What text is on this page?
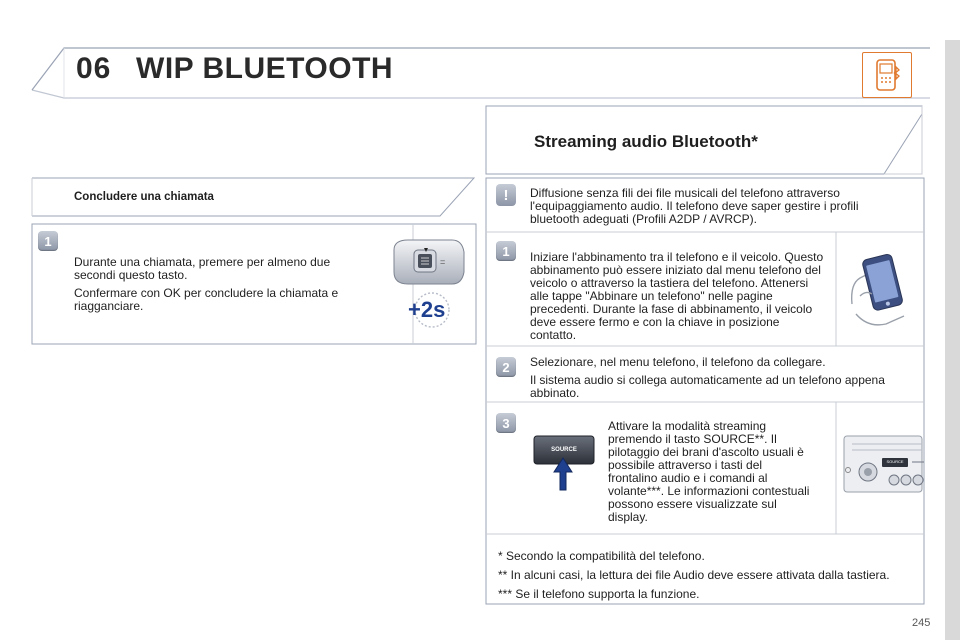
06 WIP BLUETOOTH
Concludere una chiamata
1

Durante una chiamata, premere per almeno due secondi questo tasto.

Confermare con OK per concludere la chiamata e riagganciare.

=
+2s
Streaming audio Bluetooth*
!	Diffusione senza fili dei file musicali del telefono attraverso l'equipaggiamento audio. Il telefono deve saper gestire i profili bluetooth adeguati (Profili A2DP / AVRCP).
1	Iniziare l'abbinamento tra il telefono e il veicolo. Questo abbinamento può essere iniziato dal menu telefono del veicolo o attraverso la tastiera del telefono. Attenersi alle tappe "Abbinare un telefono" nelle pagine precedenti. Durante la fase di abbinamento, il veicolo deve essere fermo e con la chiave in posizione contatto.
2	Selezionare, nel menu telefono, il telefono da collegare.

Il sistema audio si collega automaticamente ad un telefono appena abbinato.

3
SOURCE
Attivare la modalità streaming premendo il tasto SOURCE**. Il pilotaggio dei brani d'ascolto usuali è possibile attraverso i tasti del frontalino audio e i comandi al volante***. Le informazioni contestuali possono essere visualizzate sul display.
SOURCE

* Secondo la compatibilità del telefono.

** In alcuni casi, la lettura dei file Audio deve essere attivata dalla tastiera.

*** Se il telefono supporta la funzione.

245
